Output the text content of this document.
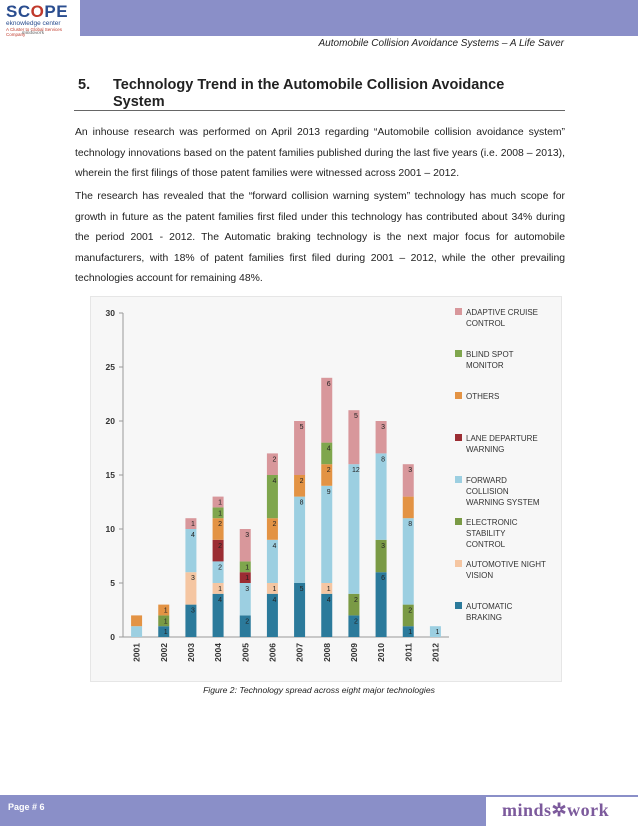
SCOPE
eknowledge center
A Cluster to Global Services Company
mindswork
Automobile Collision Avoidance Systems – A Life Saver
5. Technology Trend in the Automobile Collision Avoidance System
An inhouse research was performed on April 2013 regarding “Automobile collision avoidance system” technology innovations based on the patent families published during the last five years (i.e. 2008 – 2013), wherein the first filings of those patent families were witnessed across 2001 – 2012.
The research has revealed that the “forward collision warning system” technology has much scope for growth in future as the patent families first filed under this technology has contributed about 34% during the period 2001 - 2012. The Automatic braking technology is the next major focus for automobile manufacturers, with 18% of patent families first filed during 2001 – 2012, while the other prevailing technologies account for remaining 48%.
0
5
10
15
20
25
30
2001
1
1
1
2002
3
3
4
1
2003
4
1
2
2
2
1
1
2004
2
3
1
1
3
2005
4
1
4
2
4
2
2006
5
8
2
5
2007
4
1
9
2
4
6
2008
2
2
12
5
2009
6
3
8
3
2010
1
2
8
3
2011
1
2012
ADAPTIVE CRUISE CONTROL
BLIND SPOT MONITOR
OTHERS
LANE DEPARTURE WARNING
FORWARD COLLISION WARNING SYSTEM
ELECTRONIC STABILITY CONTROL
AUTOMOTIVE NIGHT VISION
AUTOMATIC BRAKING
Figure 2: Technology spread across eight major technologies
Page # 6	minds✲work
